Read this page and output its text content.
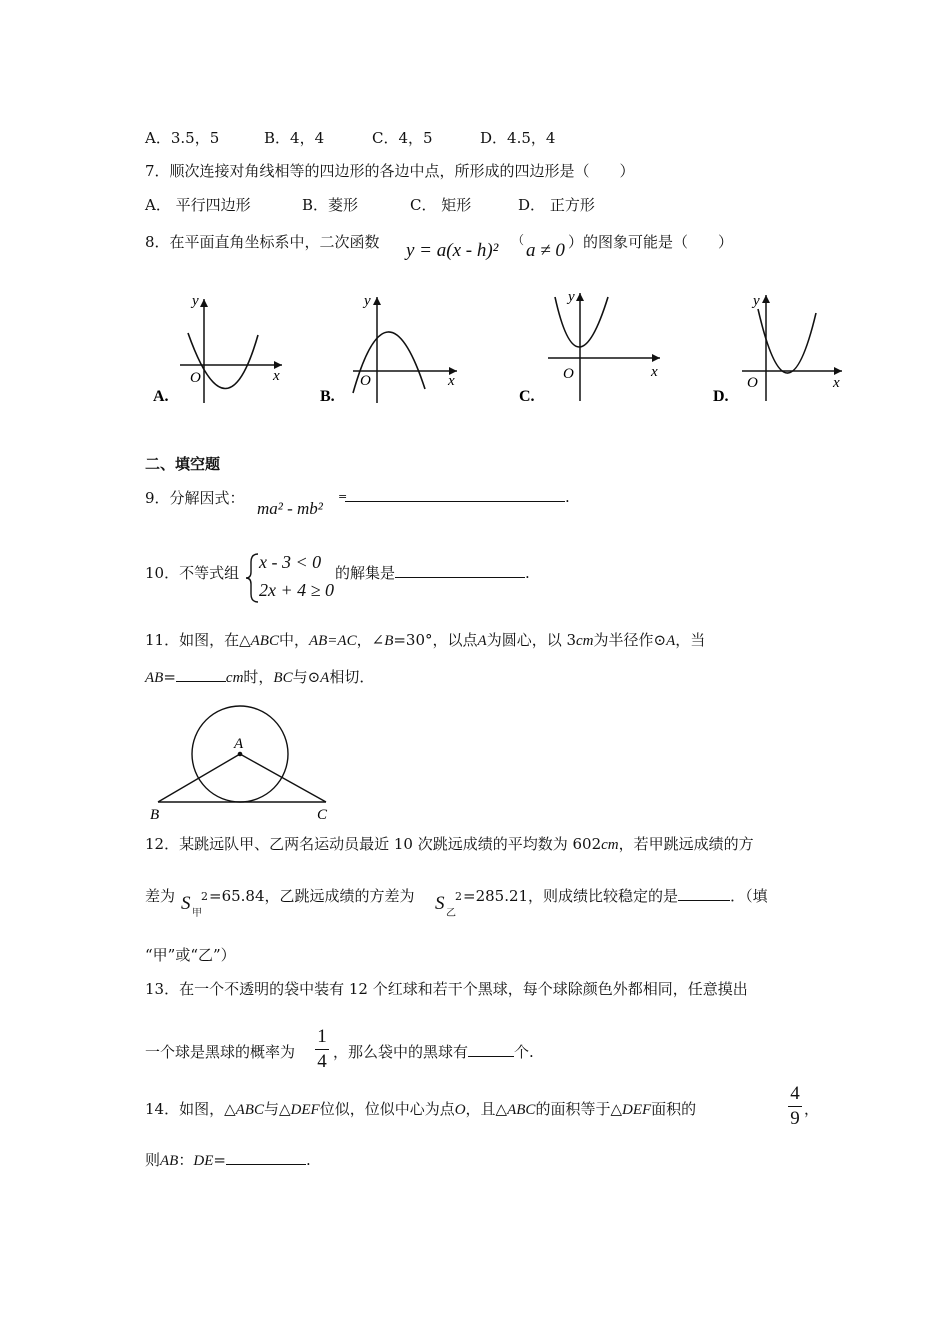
A．3.5，5	B．4，4	C．4，5	D．4.5，4
7．顺次连接对角线相等的四边形的各边中点，所形成的四边形是（　　）
A． 平行四边形	B．菱形	C． 矩形	D． 正方形
8．在平面直角坐标系中，二次函数 y = a(x - h)² （ a ≠ 0 ）的图象可能是（　　）
y
x
O
A.
y
x
O
B.
y
x
O
C.
y
x
O
D.
二、填空题
9．分解因式：
ma² - mb²
=	.
10．不等式组
x - 3 < 0
2x + 4 ≥ 0
的解集是	.
11．如图，在△ABC中，AB=AC，∠B=30°，以点A为圆心，以 3cm为半径作⊙A，当
AB=	cm时，BC与⊙A相切．
A
B	C
12．某跳远队甲、乙两名运动员最近 10 次跳远成绩的平均数为 602cm，若甲跳远成绩的方
差为 S 甲
2 =65.84，乙跳远成绩的方差为 S 乙
2 =285.21，则成绩比较稳定的是	．（填
“甲”或“乙”）
13．在一个不透明的袋中装有 12 个红球和若干个黑球，每个球除颜色外都相同，任意摸出
一个球是黑球的概率为
1
4 ，那么袋中的黑球有	个.
14．如图，△ABC与△DEF位似，位似中心为点O，且△ABC的面积等于△DEF面积的
4
9 ，
则AB：DE=	.
